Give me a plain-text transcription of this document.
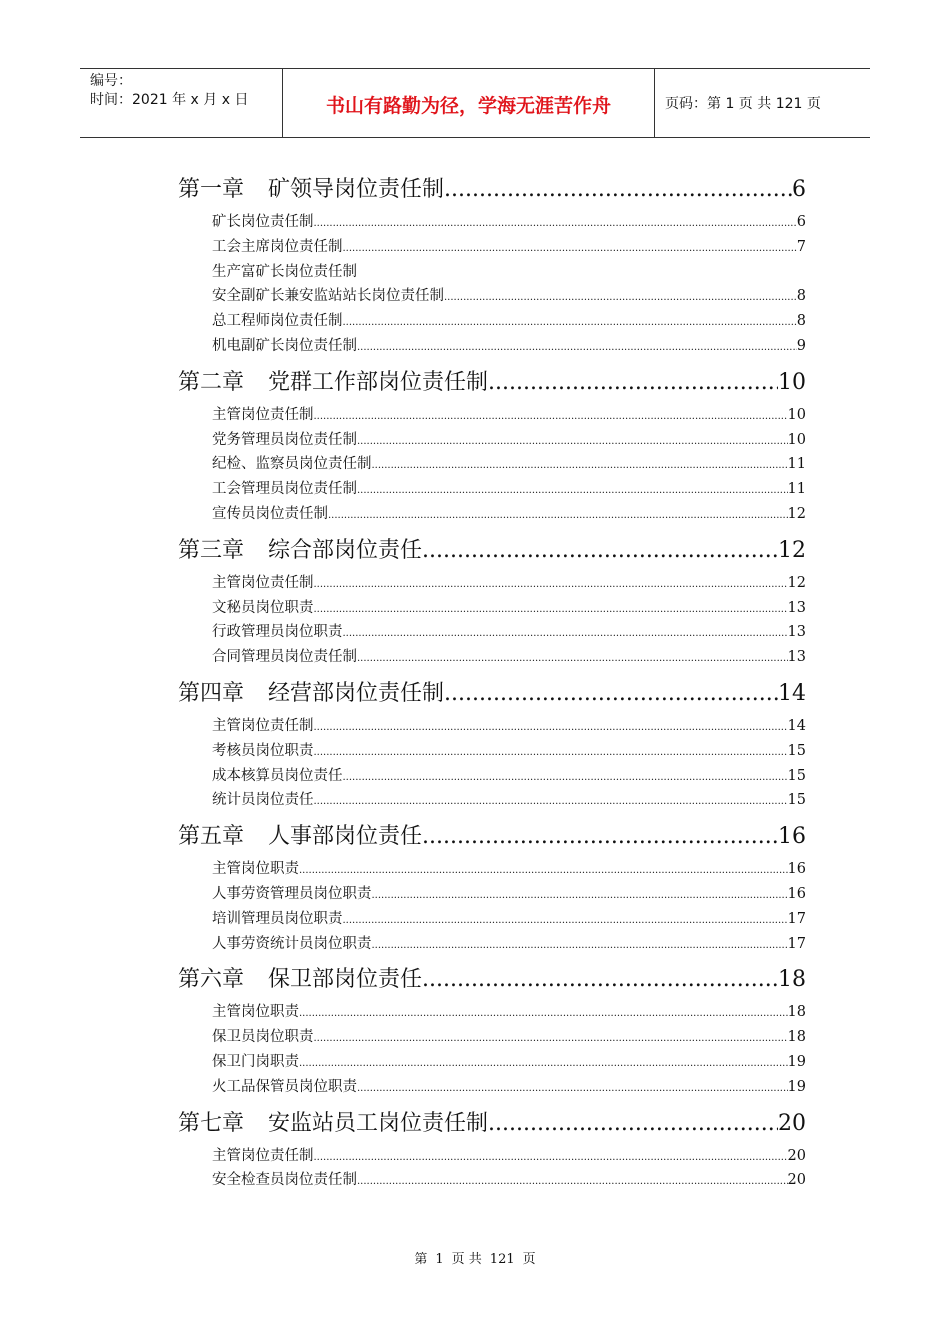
编号：
时间：2021 年 x 月 x 日	书山有路勤为径，学海无涯苦作舟	页码：第 1 页 共 121 页
第一章 矿领导岗位责任制 .....	6
矿长岗位责任制 .....	6
工会主席岗位责任制 .....	7
生产富矿长岗位责任制
安全副矿长兼安监站站长岗位责任制 .....	8
总工程师岗位责任制 .....	8
机电副矿长岗位责任制 .....	9
第二章 党群工作部岗位责任制 .....	10
主管岗位责任制 .....	10
党务管理员岗位责任制 .....	10
纪检、监察员岗位责任制 .....	11
工会管理员岗位责任制 .....	11
宣传员岗位责任制 .....	12
第三章 综合部岗位责任 .....	12
主管岗位责任制 .....	12
文秘员岗位职责 .....	13
行政管理员岗位职责 .....	13
合同管理员岗位责任制 .....	13
第四章 经营部岗位责任制 .....	14
主管岗位责任制 .....	14
考核员岗位职责 .....	15
成本核算员岗位责任 .....	15
统计员岗位责任 .....	15
第五章 人事部岗位责任 .....	16
主管岗位职责 .....	16
人事劳资管理员岗位职责 .....	16
培训管理员岗位职责 .....	17
人事劳资统计员岗位职责 .....	17
第六章 保卫部岗位责任 .....	18
主管岗位职责 .....	18
保卫员岗位职责 .....	18
保卫门岗职责 .....	19
火工品保管员岗位职责 .....	19
第七章 安监站员工岗位责任制 .....	20
主管岗位责任制 .....	20
安全检查员岗位责任制 .....	20
第 1 页 共 121 页
